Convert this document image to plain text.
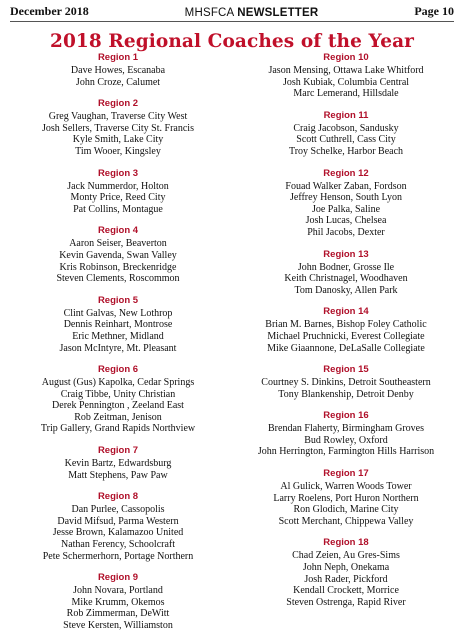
December 2018	MHSFCA NEWSLETTER	Page 10
2018 Regional Coaches of the Year
Region 1
Dave Howes, Escanaba
John Croze, Calumet
Region 2
Greg Vaughan, Traverse City West
Josh Sellers, Traverse City St. Francis
Kyle Smith, Lake City
Tim Wooer, Kingsley
Region 3
Jack Nummerdor, Holton
Monty Price, Reed City
Pat Collins, Montague
Region 4
Aaron Seiser, Beaverton
Kevin Gavenda, Swan Valley
Kris Robinson, Breckenridge
Steven Clements, Roscommon
Region 5
Clint Galvas, New Lothrop
Dennis Reinhart, Montrose
Eric Methner, Midland
Jason McIntyre, Mt. Pleasant
Region 6
August (Gus) Kapolka, Cedar Springs
Craig Tibbe, Unity Christian
Derek Pennington , Zeeland East
Rob Zeitman, Jenison
Trip Gallery, Grand Rapids Northview
Region 7
Kevin Bartz, Edwardsburg
Matt Stephens, Paw Paw
Region 8
Dan Purlee, Cassopolis
David Mifsud, Parma Western
Jesse Brown, Kalamazoo United
Nathan Ferency, Schoolcraft
Pete Schermerhorn, Portage Northern
Region 9
John Novara, Portland
Mike Krumm, Okemos
Rob Zimmerman, DeWitt
Steve Kersten, Williamston
Region 10
Jason Mensing, Ottawa Lake Whitford
Josh Kubiak, Columbia Central
Marc Lemerand, Hillsdale
Region 11
Craig Jacobson, Sandusky
Scott Cuthrell, Cass City
Troy Schelke, Harbor Beach
Region 12
Fouad Walker Zaban, Fordson
Jeffrey Henson, South Lyon
Joe Palka, Saline
Josh Lucas, Chelsea
Phil Jacobs, Dexter
Region 13
John Bodner, Grosse Ile
Keith Christnagel, Woodhaven
Tom Danosky, Allen Park
Region 14
Brian M. Barnes, Bishop Foley Catholic
Michael Pruchnicki, Everest Collegiate
Mike Giaannone, DeLaSalle Collegiate
Region 15
Courtney S. Dinkins, Detroit Southeastern
Tony Blankenship, Detroit Denby
Region 16
Brendan Flaherty, Birmingham Groves
Bud Rowley, Oxford
John Herrington, Farmington Hills Harrison
Region 17
Al Gulick, Warren Woods Tower
Larry Roelens, Port Huron Northern
Ron Glodich, Marine City
Scott Merchant, Chippewa Valley
Region 18
Chad Zeien, Au Gres-Sims
John Neph, Onekama
Josh Rader, Pickford
Kendall Crockett, Morrice
Steven Ostrenga, Rapid River
